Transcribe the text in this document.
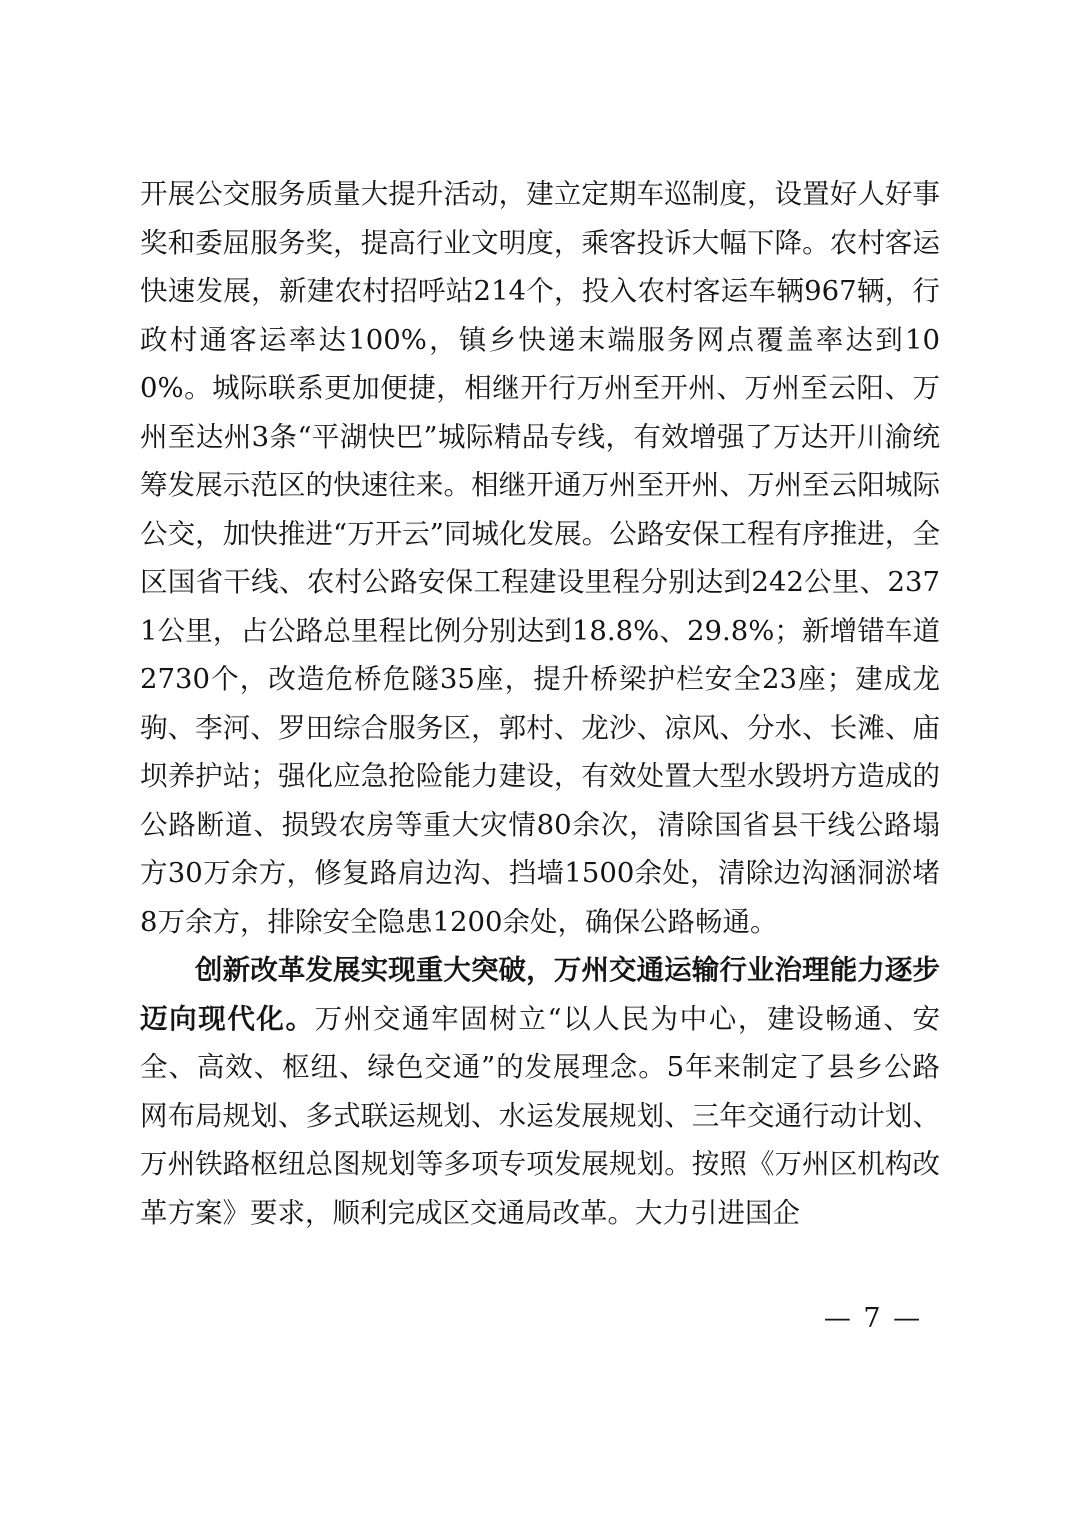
开展公交服务质量大提升活动，建立定期车巡制度，设置好人好事奖和委屈服务奖，提高行业文明度，乘客投诉大幅下降。农村客运快速发展，新建农村招呼站214个，投入农村客运车辆967辆，行政村通客运率达100%，镇乡快递末端服务网点覆盖率达到100%。城际联系更加便捷，相继开行万州至开州、万州至云阳、万州至达州3条“平湖快巴”城际精品专线，有效增强了万达开川渝统筹发展示范区的快速往来。相继开通万州至开州、万州至云阳城际公交，加快推进“万开云”同城化发展。公路安保工程有序推进，全区国省干线、农村公路安保工程建设里程分别达到242公里、2371公里，占公路总里程比例分别达到18.8%、29.8%；新增错车道2730个，改造危桥危隧35座，提升桥梁护栏安全23座；建成龙驹、李河、罗田综合服务区，郭村、龙沙、凉风、分水、长滩、庙坝养护站；强化应急抢险能力建设，有效处置大型水毁坍方造成的公路断道、损毁农房等重大灾情80余次，清除国省县干线公路塌方30万余方，修复路肩边沟、挡墙1500余处，清除边沟涵洞淤堵8万余方，排除安全隐患1200余处，确保公路畅通。

创新改革发展实现重大突破，万州交通运输行业治理能力逐步迈向现代化。万州交通牢固树立“以人民为中心，建设畅通、安全、高效、枢纽、绿色交通”的发展理念。5年来制定了县乡公路网布局规划、多式联运规划、水运发展规划、三年交通行动计划、万州铁路枢纽总图规划等多项专项发展规划。按照《万州区机构改革方案》要求，顺利完成区交通局改革。大力引进国企

— 7 —
